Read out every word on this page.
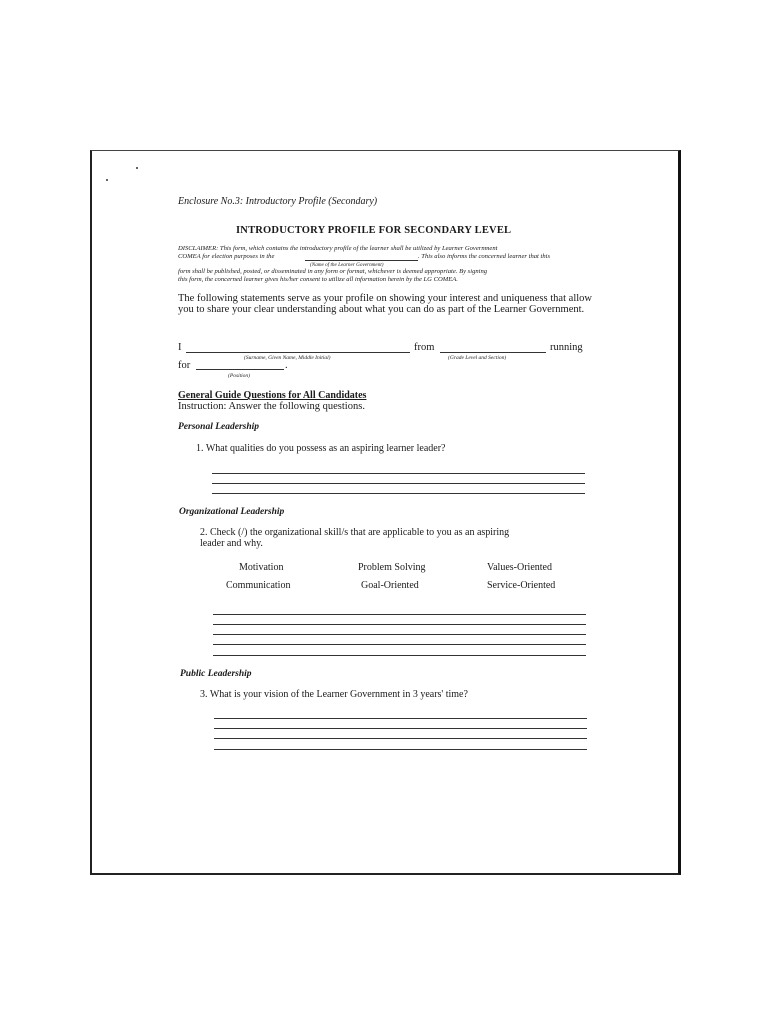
Enclosure No.3: Introductory Profile (Secondary)
INTRODUCTORY PROFILE FOR SECONDARY LEVEL
DISCLAIMER: This form, which contains the introductory profile of the learner shall be utilized by Learner Government
COMEA for election purposes in the	. This also informs the concerned learner that this
(Name of the Learner Government)
form shall be published, posted, or disseminated in any form or format, whichever is deemed appropriate. By signing
this form, the concerned learner gives his/her consent to utilize all information herein by the LG COMEA.
The following statements serve as your profile on showing your interest and uniqueness that allow you to share your clear understanding about what you can do as part of the Learner Government.
I	from	running
(Surname, Given Name, Middle Initial)	(Grade Level and Section)
for	.
(Position)
General Guide Questions for All Candidates
Instruction: Answer the following questions.
Personal Leadership
1. What qualities do you possess as an aspiring learner leader?
Organizational Leadership
2. Check (/) the organizational skill/s that are applicable to you as an aspiring
leader and why.
Motivation	Problem Solving	Values-Oriented
Communication	Goal-Oriented	Service-Oriented
Public Leadership
3. What is your vision of the Learner Government in 3 years' time?
